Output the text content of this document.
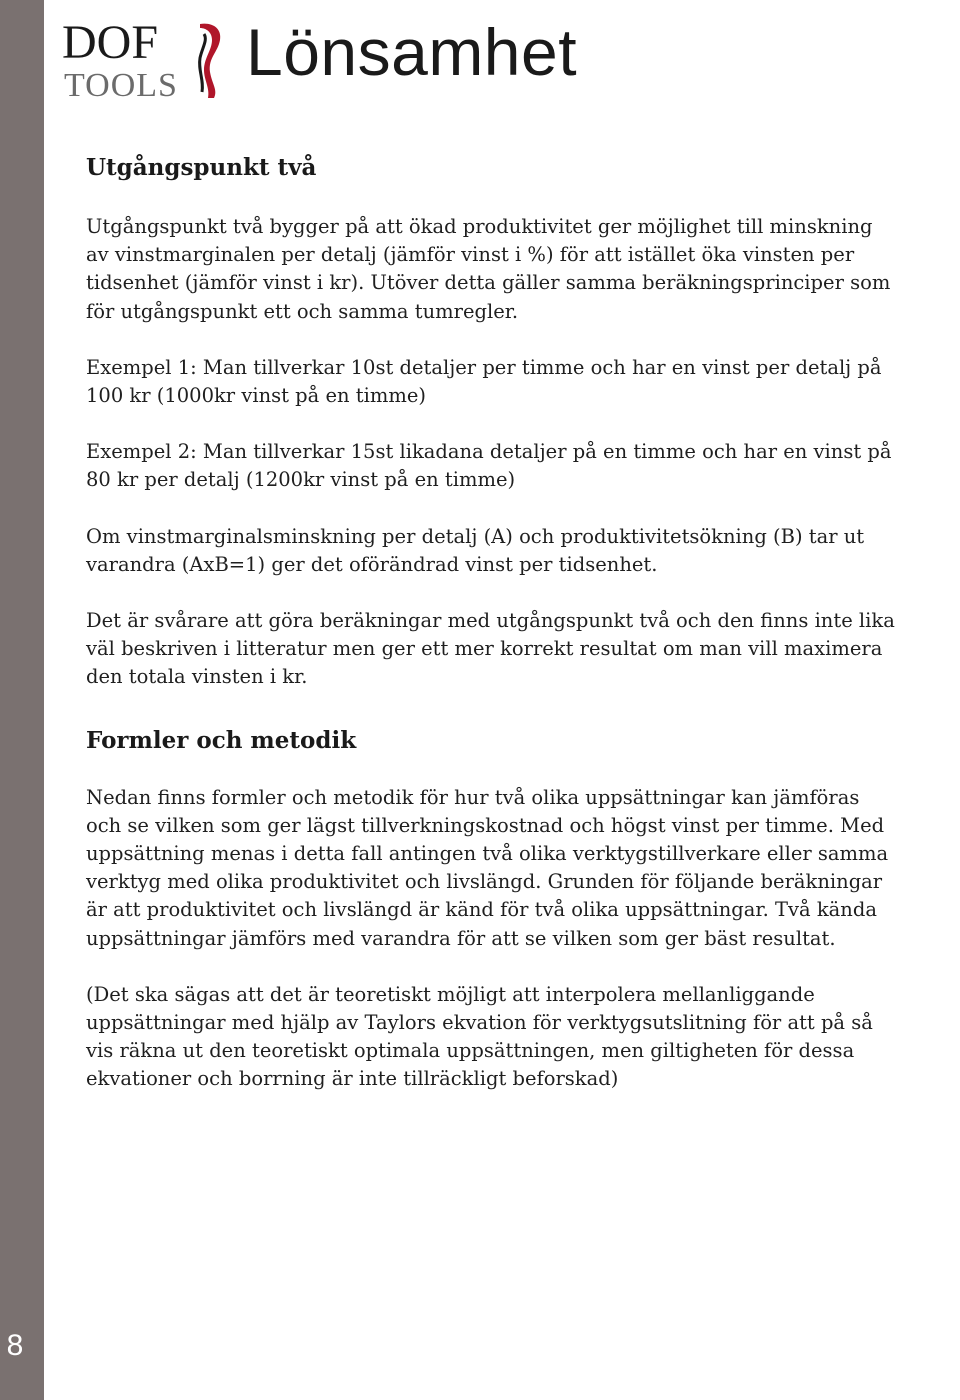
8
DOF
TOOLS Lönsamhet
Utgångspunkt två

Utgångspunkt två bygger på att ökad produktivitet ger möjlighet till minskning av vinstmarginalen per detalj (jämför vinst i %) för att istället öka vinsten per tidsenhet (jämför vinst i kr). Utöver detta gäller samma beräkningsprinciper som för utgångspunkt ett och samma tumregler.

Exempel 1: Man tillverkar 10st detaljer per timme och har en vinst per detalj på 100 kr (1000kr vinst på en timme)

Exempel 2: Man tillverkar 15st likadana detaljer på en timme och har en vinst på 80 kr per detalj (1200kr vinst på en timme)

Om vinstmarginalsminskning per detalj (A) och produktivitetsökning (B) tar ut varandra (AxB=1) ger det oförändrad vinst per tidsenhet.

Det är svårare att göra beräkningar med utgångspunkt två och den finns inte lika väl beskriven i litteratur men ger ett mer korrekt resultat om man vill maximera den totala vinsten i kr.

Formler och metodik

Nedan finns formler och metodik för hur två olika uppsättningar kan jämföras och se vilken som ger lägst tillverkningskostnad och högst vinst per timme. Med uppsättning menas i detta fall antingen två olika verktygstillverkare eller samma verktyg med olika produktivitet och livslängd. Grunden för följande beräkningar är att produktivitet och livslängd är känd för två olika uppsättningar. Två kända uppsättningar jämförs med varandra för att se vilken som ger bäst resultat.

(Det ska sägas att det är teoretiskt möjligt att interpolera mellanliggande uppsättningar med hjälp av Taylors ekvation för verktygsutslitning för att på så vis räkna ut den teoretiskt optimala uppsättningen, men giltigheten för dessa ekvationer och borrning är inte tillräckligt beforskad)
